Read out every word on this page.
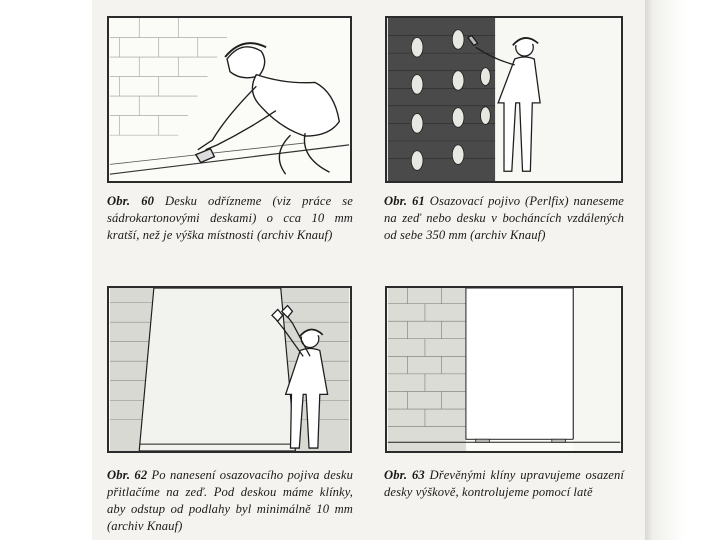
Obr. 60 Desku odřízneme (viz práce se sádrokartonovými deskami) o cca 10 mm kratší, než je výška místnosti (archiv Knauf)
Obr. 61 Osazovací pojivo (Perlfix) naneseme na zeď nebo desku v bocháncích vzdálených od sebe 350 mm (archiv Knauf)
Obr. 62 Po nanesení osazovacího pojiva desku přitlačíme na zeď. Pod deskou máme klínky, aby odstup od podlahy byl minimálně 10 mm (archiv Knauf)
Obr. 63 Dřevěnými klíny upravujeme osazení desky výškově, kontrolujeme pomocí latě
